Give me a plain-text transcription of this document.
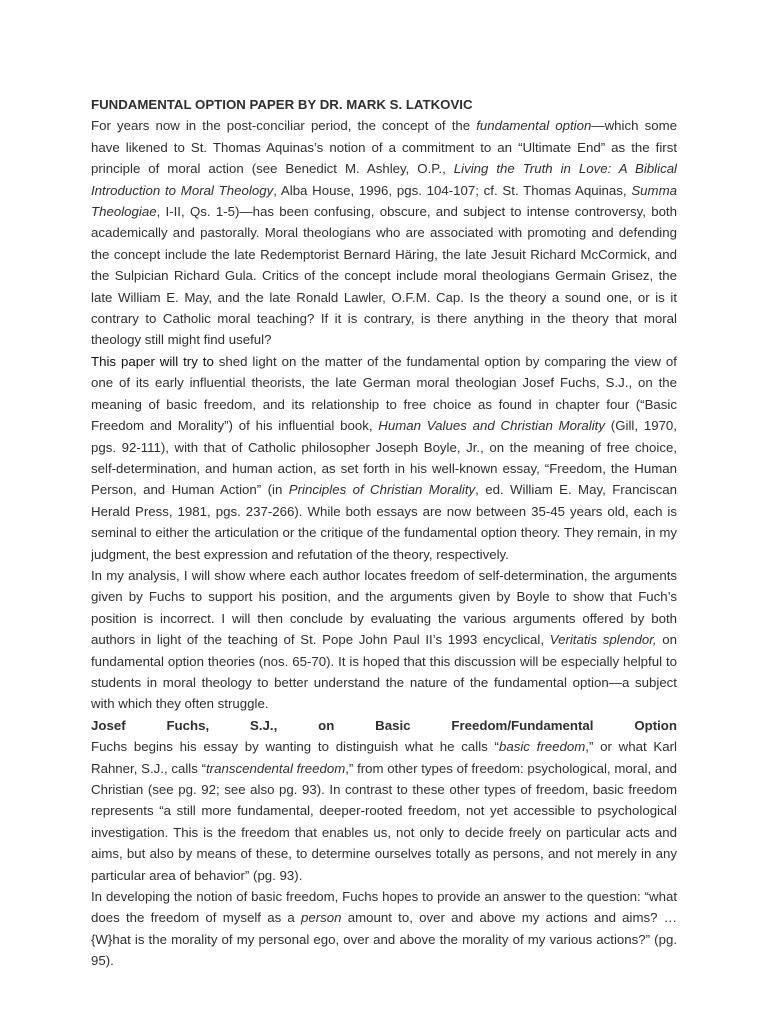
FUNDAMENTAL OPTION PAPER BY DR. MARK S. LATKOVIC

For years now in the post-conciliar period, the concept of the fundamental option—which some have likened to St. Thomas Aquinas’s notion of a commitment to an “Ultimate End” as the first principle of moral action (see Benedict M. Ashley, O.P., Living the Truth in Love: A Biblical Introduction to Moral Theology, Alba House, 1996, pgs. 104-107; cf. St. Thomas Aquinas, Summa Theologiae, I-II, Qs. 1-5)—has been confusing, obscure, and subject to intense controversy, both academically and pastorally. Moral theologians who are associated with promoting and defending the concept include the late Redemptorist Bernard Häring, the late Jesuit Richard McCormick, and the Sulpician Richard Gula. Critics of the concept include moral theologians Germain Grisez, the late William E. May, and the late Ronald Lawler, O.F.M. Cap. Is the theory a sound one, or is it contrary to Catholic moral teaching? If it is contrary, is there anything in the theory that moral theology still might find useful?

This paper will try to shed light on the matter of the fundamental option by comparing the view of one of its early influential theorists, the late German moral theologian Josef Fuchs, S.J., on the meaning of basic freedom, and its relationship to free choice as found in chapter four (“Basic Freedom and Morality”) of his influential book, Human Values and Christian Morality (Gill, 1970, pgs. 92-111), with that of Catholic philosopher Joseph Boyle, Jr., on the meaning of free choice, self-determination, and human action, as set forth in his well-known essay, “Freedom, the Human Person, and Human Action” (in Principles of Christian Morality, ed. William E. May, Franciscan Herald Press, 1981, pgs. 237-266). While both essays are now between 35-45 years old, each is seminal to either the articulation or the critique of the fundamental option theory. They remain, in my judgment, the best expression and refutation of the theory, respectively.

In my analysis, I will show where each author locates freedom of self-determination, the arguments given by Fuchs to support his position, and the arguments given by Boyle to show that Fuch’s position is incorrect. I will then conclude by evaluating the various arguments offered by both authors in light of the teaching of St. Pope John Paul II’s 1993 encyclical, Veritatis splendor, on fundamental option theories (nos. 65-70). It is hoped that this discussion will be especially helpful to students in moral theology to better understand the nature of the fundamental option—a subject with which they often struggle.

Josef Fuchs, S.J., on Basic Freedom/Fundamental Option

Fuchs begins his essay by wanting to distinguish what he calls “basic freedom,” or what Karl Rahner, S.J., calls “transcendental freedom,” from other types of freedom: psychological, moral, and Christian (see pg. 92; see also pg. 93). In contrast to these other types of freedom, basic freedom represents “a still more fundamental, deeper-rooted freedom, not yet accessible to psychological investigation. This is the freedom that enables us, not only to decide freely on particular acts and aims, but also by means of these, to determine ourselves totally as persons, and not merely in any particular area of behavior” (pg. 93).

In developing the notion of basic freedom, Fuchs hopes to provide an answer to the question: “what does the freedom of myself as a person amount to, over and above my actions and aims? … {W}hat is the morality of my personal ego, over and above the morality of my various actions?” (pg. 95).
